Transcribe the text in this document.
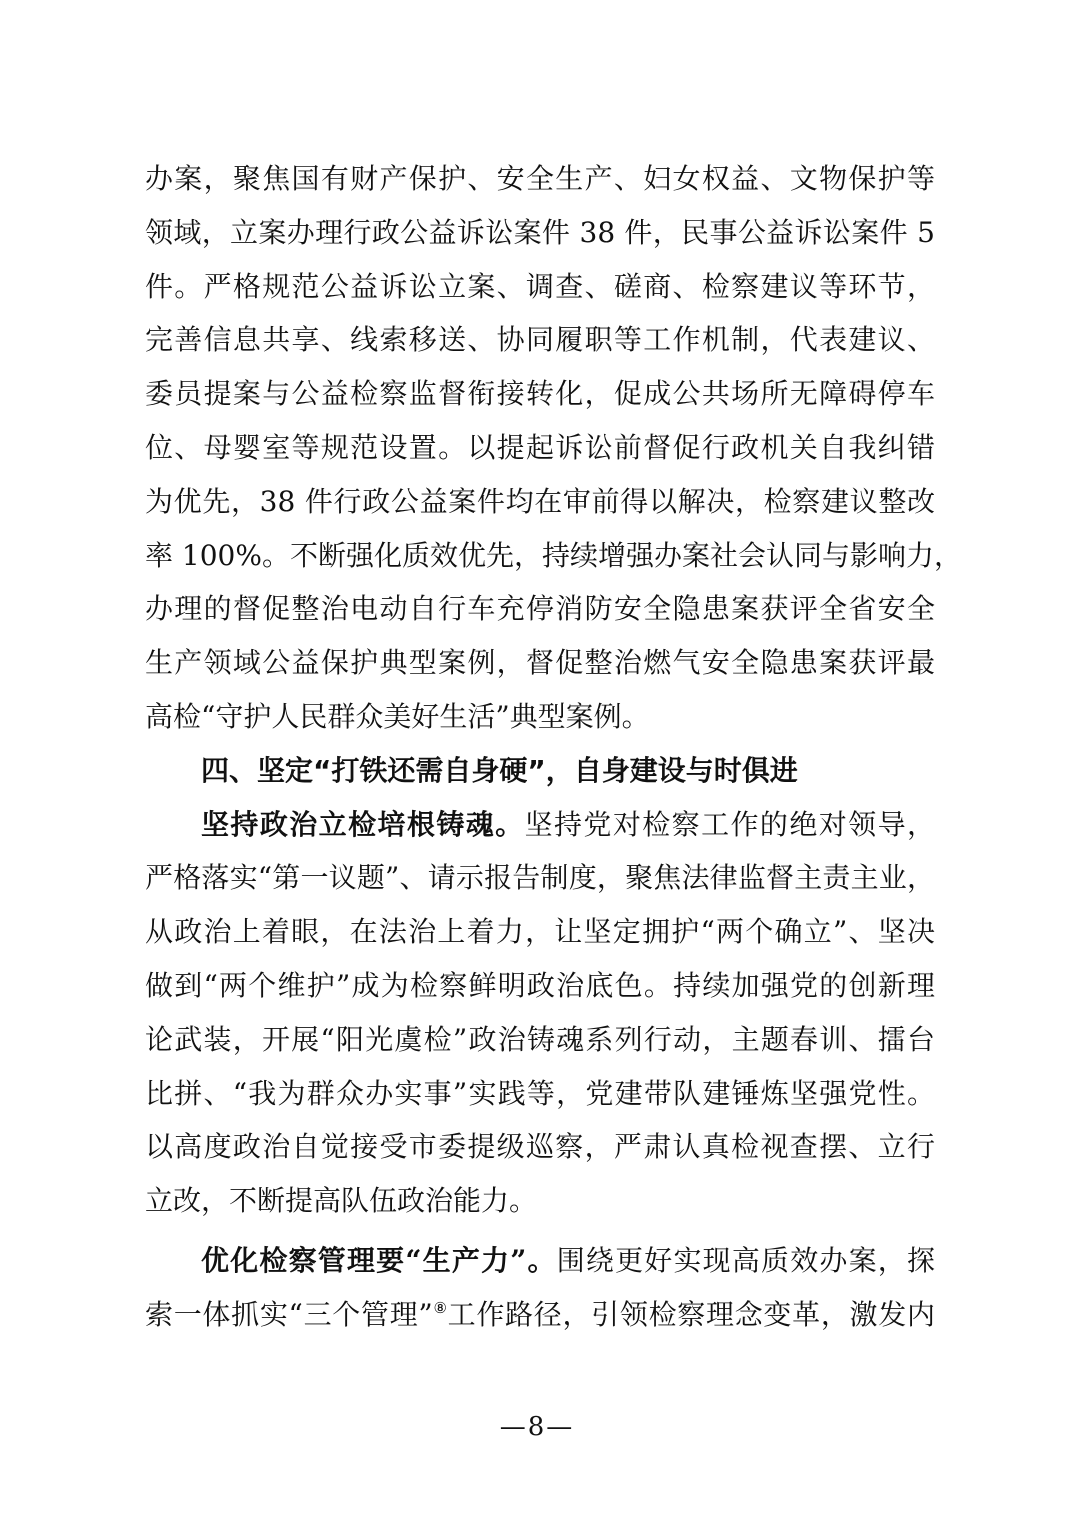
办案，聚焦国有财产保护、安全生产、妇女权益、文物保护等
领域，立案办理行政公益诉讼案件 38 件，民事公益诉讼案件 5
件。严格规范公益诉讼立案、调查、磋商、检察建议等环节，
完善信息共享、线索移送、协同履职等工作机制，代表建议、
委员提案与公益检察监督衔接转化，促成公共场所无障碍停车
位、母婴室等规范设置。以提起诉讼前督促行政机关自我纠错
为优先，38 件行政公益案件均在审前得以解决，检察建议整改
率 100%。不断强化质效优先，持续增强办案社会认同与影响力，
办理的督促整治电动自行车充停消防安全隐患案获评全省安全
生产领域公益保护典型案例，督促整治燃气安全隐患案获评最
高检“守护人民群众美好生活”典型案例。
四、坚定“打铁还需自身硬”，自身建设与时俱进
坚持政治立检培根铸魂。坚持党对检察工作的绝对领导，
严格落实“第一议题”、请示报告制度，聚焦法律监督主责主业，
从政治上着眼，在法治上着力，让坚定拥护“两个确立”、坚决
做到“两个维护”成为检察鲜明政治底色。持续加强党的创新理
论武装，开展“阳光虞检”政治铸魂系列行动，主题春训、擂台
比拼、“我为群众办实事”实践等，党建带队建锤炼坚强党性。
以高度政治自觉接受市委提级巡察，严肃认真检视查摆、立行
立改，不断提高队伍政治能力。
优化检察管理要“生产力”。围绕更好实现高质效办案，探
索一体抓实“三个管理”⑧工作路径，引领检察理念变革，激发内
—8—
